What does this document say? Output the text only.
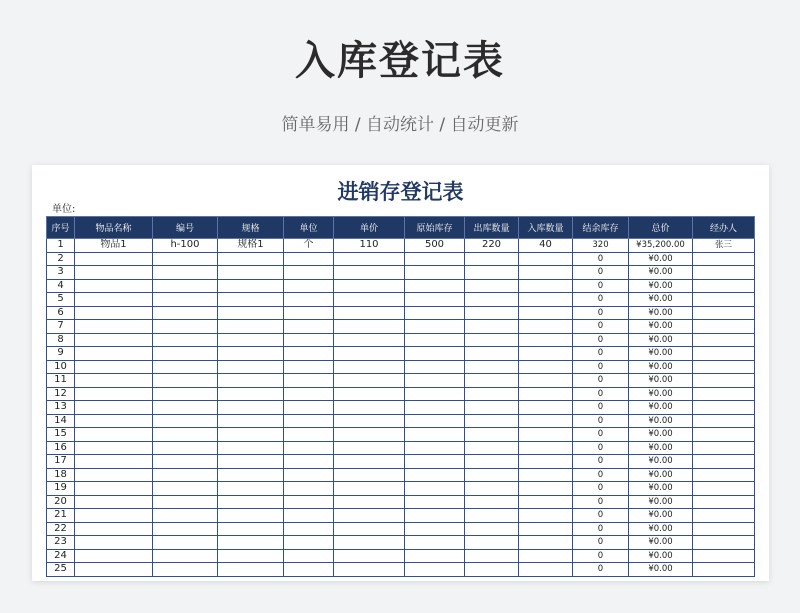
入库登记表
简单易用 / 自动统计 / 自动更新
进销存登记表
单位:
序号	物品名称	编号	规格	单位	单价	原始库存	出库数量	入库数量	结余库存	总价	经办人
1	物品1	h-100	规格1	个	110	500	220	40	320	¥35,200.00	张三
2									0	¥0.00	
3									0	¥0.00	
4									0	¥0.00	
5									0	¥0.00	
6									0	¥0.00	
7									0	¥0.00	
8									0	¥0.00	
9									0	¥0.00	
10									0	¥0.00	
11									0	¥0.00	
12									0	¥0.00	
13									0	¥0.00	
14									0	¥0.00	
15									0	¥0.00	
16									0	¥0.00	
17									0	¥0.00	
18									0	¥0.00	
19									0	¥0.00	
20									0	¥0.00	
21									0	¥0.00	
22									0	¥0.00	
23									0	¥0.00	
24									0	¥0.00	
25									0	¥0.00	
